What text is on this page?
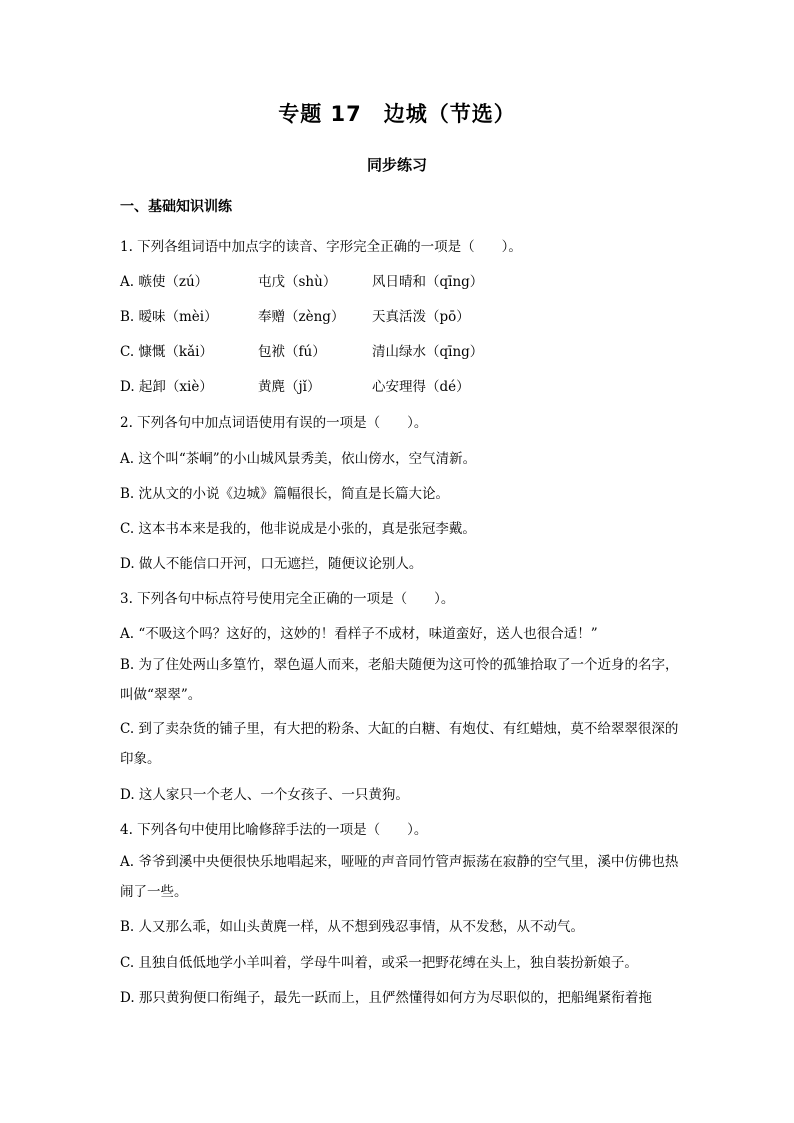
专题 17　边城（节选）
同步练习
一、基础知识训练
1. 下列各组词语中加点字的读音、字形完全正确的一项是（　　）。
A. 嗾使（zú）	屯戊（shù）	风日晴和（qīng）
B. 暧味（mèi）	奉赠（zèng） 天真活泼（pō）
C. 慷慨（kǎi）	包袱（fú）	清山绿水（qīng）
D. 起卸（xiè）	黄麂（jǐ）	心安理得（dé）
2. 下列各句中加点词语使用有误的一项是（　　）。
A. 这个叫“茶峒”的小山城风景秀美，依山傍水，空气清新。
B. 沈从文的小说《边城》篇幅很长，简直是长篇大论。
C. 这本书本来是我的，他非说成是小张的，真是张冠李戴。
D. 做人不能信口开河，口无遮拦，随便议论别人。
3. 下列各句中标点符号使用完全正确的一项是（　　）。
A. “不吸这个吗？这好的，这妙的！看样子不成材，味道蛮好，送人也很合适！”
B. 为了住处两山多篁竹，翠色逼人而来，老船夫随便为这可怜的孤雏拾取了一个近身的名字，叫做“翠翠”。
C. 到了卖杂货的铺子里，有大把的粉条、大缸的白糖、有炮仗、有红蜡烛，莫不给翠翠很深的印象。
D. 这人家只一个老人、一个女孩子、一只黄狗。
4. 下列各句中使用比喻修辞手法的一项是（　　）。
A. 爷爷到溪中央便很快乐地唱起来，哑哑的声音同竹管声振荡在寂静的空气里，溪中仿佛也热闹了一些。
B. 人又那么乖，如山头黄麂一样，从不想到残忍事情，从不发愁，从不动气。
C. 且独自低低地学小羊叫着，学母牛叫着，或采一把野花缚在头上，独自装扮新娘子。
D. 那只黄狗便口衔绳子，最先一跃而上，且俨然懂得如何方为尽职似的，把船绳紧衔着拖
